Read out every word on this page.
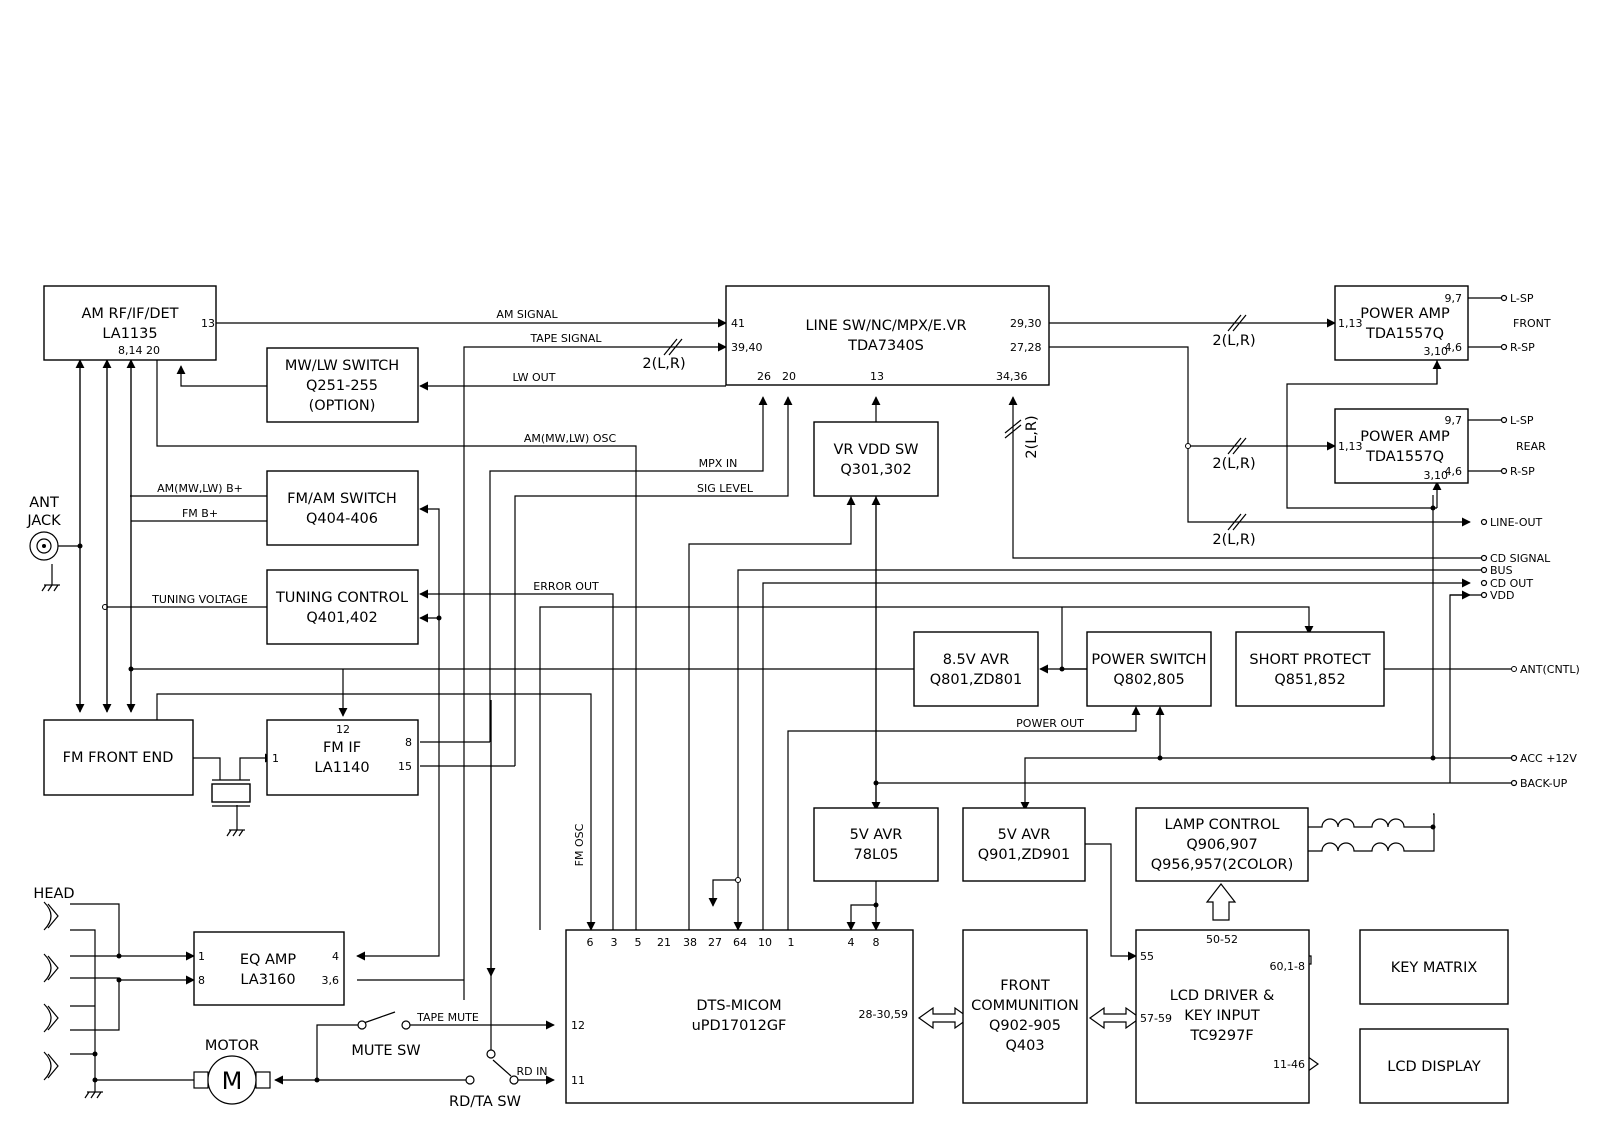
AM RF/IF/DET
LA1135
13
8,14 20
MW/LW SWITCH
Q251-255
(OPTION)
LINE SW/NC/MPX/E.VR
TDA7340S
41
39,40
29,30
27,28
26 20	13	34,36
POWER AMP
TDA1557Q
1,13
9,7
4,6
3,10
POWER AMP
TDA1557Q
1,13
9,7
4,6
3,10
FM/AM SWITCH
Q404-406
TUNING CONTROL
Q401,402
VR VDD SW
Q301,302
8.5V AVR
Q801,ZD801
POWER SWITCH
Q802,805
SHORT PROTECT
Q851,852
FM FRONT END
FM IF
LA1140
12
1
8
15
5V AVR
78L05
5V AVR
Q901,ZD901
LAMP CONTROL
Q906,907
Q956,957(2COLOR)
EQ AMP
LA3160
1
8
4
3,6
DTS-MICOM
uPD17012GF
12
11
28-30,59
6 3 5 21 38 27 64 10 1	4 8
FRONT
COMMUNITION
Q902-905
Q403
LCD DRIVER &
KEY INPUT
TC9297F
50-52
55
57-59
60,1-8
11-46
KEY MATRIX
LCD DISPLAY
AM SIGNAL
TAPE SIGNAL
LW OUT
AM(MW,LW) OSC
MPX IN
SIG LEVEL
AM(MW,LW) B+
FM B+
TUNING VOLTAGE
ERROR OUT
POWER OUT
FM OSC
TAPE MUTE
RD IN
2(L,R)
2(L,R)
2(L,R)
2(L,R)
2(L,R)
L-SP
R-SP
FRONT
L-SP
R-SP
REAR
LINE-OUT
CD SIGNAL
BUS
CD OUT
VDD
ANT(CNTL)
ACC +12V
BACK-UP
ANT
JACK
HEAD
MOTOR
M
MUTE SW
RD/TA SW
